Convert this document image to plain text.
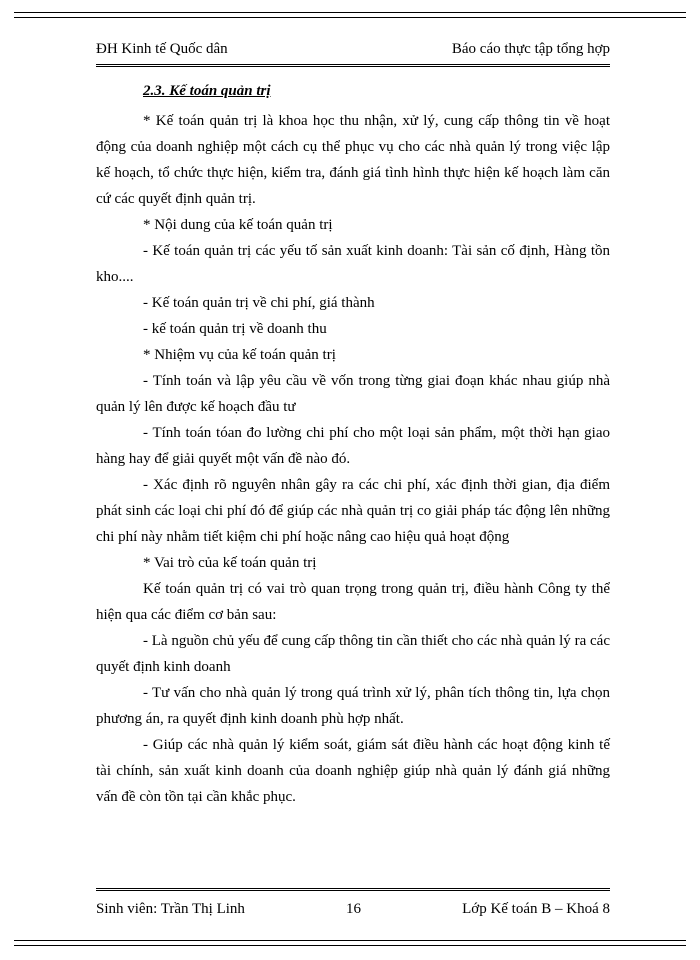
ĐH Kinh tế Quốc dân	Báo cáo thực tập tổng hợp
2.3. Kế toán quản trị

* Kế toán quản trị là khoa học thu nhận, xử lý, cung cấp thông tin về hoạt động của doanh nghiệp một cách cụ thể phục vụ cho các nhà quản lý trong việc lập kế hoạch, tổ chức thực hiện, kiểm tra, đánh giá tình hình thực hiện kế hoạch làm căn cứ các quyết định quản trị.

* Nội dung của kế toán quản trị

- Kế toán quản trị các yếu tố sản xuất kinh doanh: Tài sản cố định, Hàng tồn kho....

- Kế toán quản trị về chi phí, giá thành

- kế toán quản trị về doanh thu

* Nhiệm vụ của kế toán quản trị

- Tính toán và lập yêu cầu về vốn trong từng giai đoạn khác nhau giúp nhà quản lý lên được kế hoạch đầu tư

- Tính toán tóan đo lường chi phí cho một loại sản phẩm, một thời hạn giao hàng hay để giải quyết một vấn đề nào đó.

- Xác định rõ nguyên nhân gây ra các chi phí, xác định thời gian, địa điểm phát sinh các loại chi phí đó để giúp các nhà quản trị co giải pháp tác động lên những chi phí này nhằm tiết kiệm chi phí hoặc nâng cao hiệu quả hoạt động

* Vai trò của kế toán quản trị

Kế toán quản trị có vai trò quan trọng trong quản trị, điều hành Công ty thể hiện qua các điểm cơ bản sau:

- Là nguồn chủ yếu để cung cấp thông tin cần thiết cho các nhà quản lý ra các quyết định kinh doanh

- Tư vấn cho nhà quản lý trong quá trình xử lý, phân tích thông tin, lựa chọn phương án, ra quyết định kinh doanh phù hợp nhất.

- Giúp các nhà quản lý kiểm soát, giám sát điều hành các hoạt động kinh tế tài chính, sản xuất kinh doanh của doanh nghiệp giúp nhà quản lý đánh giá những vấn đề còn tồn tại cần khắc phục.

Sinh viên: Trần Thị Linh	16	Lớp Kế toán B – Khoá 8
